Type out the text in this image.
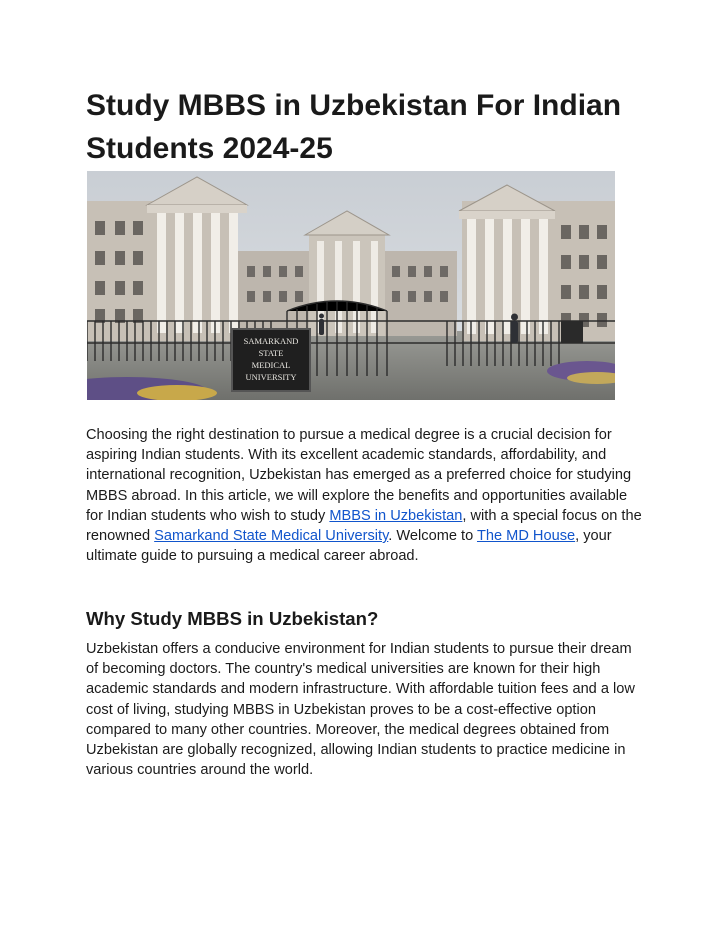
Study MBBS in Uzbekistan For Indian Students 2024-25
SAMARKAND
STATE
MEDICAL
UNIVERSITY

Choosing the right destination to pursue a medical degree is a crucial decision for aspiring Indian students. With its excellent academic standards, affordability, and international recognition, Uzbekistan has emerged as a preferred choice for studying MBBS abroad. In this article, we will explore the benefits and opportunities available for Indian students who wish to study MBBS in Uzbekistan, with a special focus on the renowned Samarkand State Medical University. Welcome to The MD House, your ultimate guide to pursuing a medical career abroad.

Why Study MBBS in Uzbekistan?

Uzbekistan offers a conducive environment for Indian students to pursue their dream of becoming doctors. The country's medical universities are known for their high academic standards and modern infrastructure. With affordable tuition fees and a low cost of living, studying MBBS in Uzbekistan proves to be a cost-effective option compared to many other countries. Moreover, the medical degrees obtained from Uzbekistan are globally recognized, allowing Indian students to practice medicine in various countries around the world.
